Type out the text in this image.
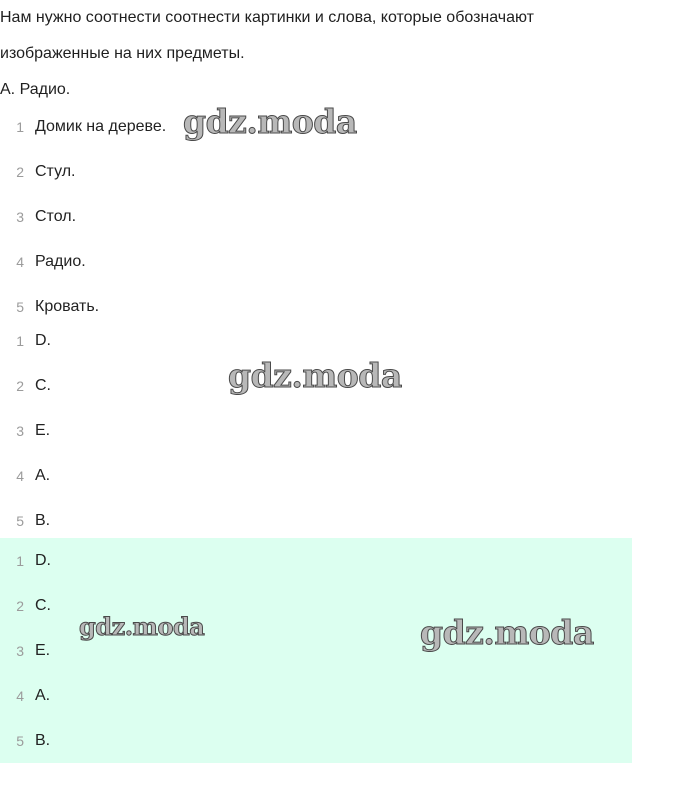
Нам нужно соотнести соотнести картинки и слова, которые обозначают

изображенные на них предметы.

А. Радио.
1 Домик на дереве.
2 Стул.
3 Стол.
4 Радио.
5 Кровать.
1 D.
2 C.
3 E.
4 A.
5 B.
1 D.
2 C.
3 E.
4 A.
5 B.
gdz.moda
gdz.moda
gdz.moda	gdz.moda
